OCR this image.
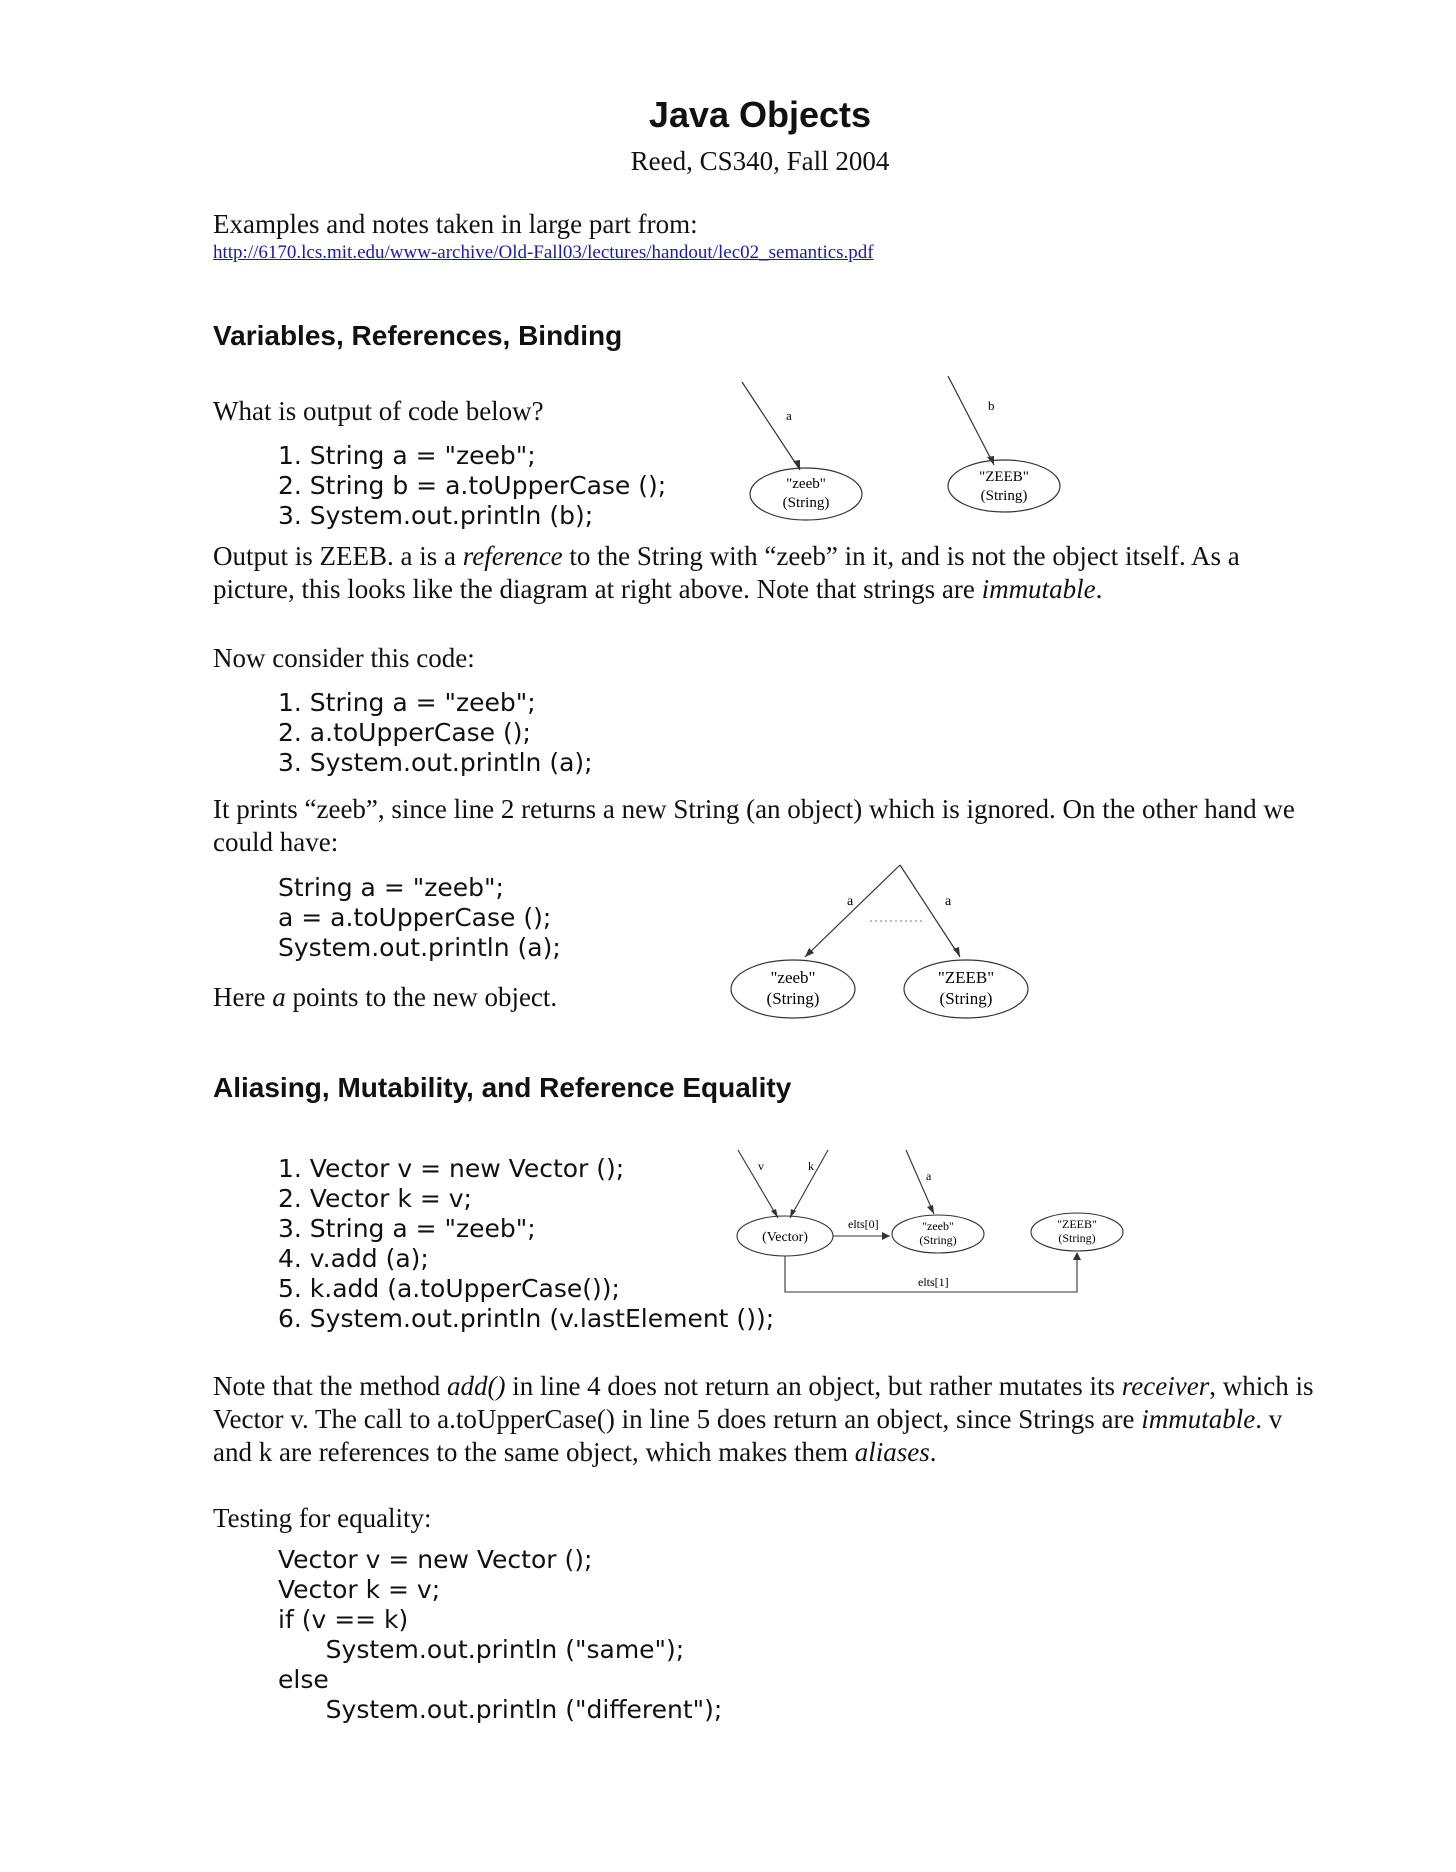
Java Objects
Reed, CS340, Fall 2004
Examples and notes taken in large part from:
http://6170.lcs.mit.edu/www-archive/Old-Fall03/lectures/handout/lec02_semantics.pdf
Variables, References, Binding
What is output of code below?
1. String a = "zeeb";
2. String b = a.toUpperCase ();
3. System.out.println (b);
a
"zeeb"
(String)
b
"ZEEB"
(String)

Output is ZEEB. a is a reference to the String with “zeeb” in it, and is not the object itself. As a picture, this looks like the diagram at right above. Note that strings are immutable.

Now consider this code:
1. String a = "zeeb";
2. a.toUpperCase ();
3. System.out.println (a);

It prints “zeeb”, since line 2 returns a new String (an object) which is ignored. On the other hand we could have:

String a = "zeeb";
a = a.toUpperCase ();
System.out.println (a);

Here a points to the new object.

a	a
"zeeb"
(String)
"ZEEB"
(String)
Aliasing, Mutability, and Reference Equality
1. Vector v = new Vector ();
2. Vector k = v;
3. String a = "zeeb";
4. v.add (a);
5. k.add (a.toUpperCase());
6. System.out.println (v.lastElement ());
v	k
(Vector)
elts[0]
a
"zeeb"
(String)
"ZEEB"
(String)
elts[1]

Note that the method add() in line 4 does not return an object, but rather mutates its receiver, which is Vector v. The call to a.toUpperCase() in line 5 does return an object, since Strings are immutable. v and k are references to the same object, which makes them aliases.

Testing for equality:
Vector v = new Vector ();
Vector k = v;
if (v == k)
System.out.println ("same");
else
System.out.println ("different");
